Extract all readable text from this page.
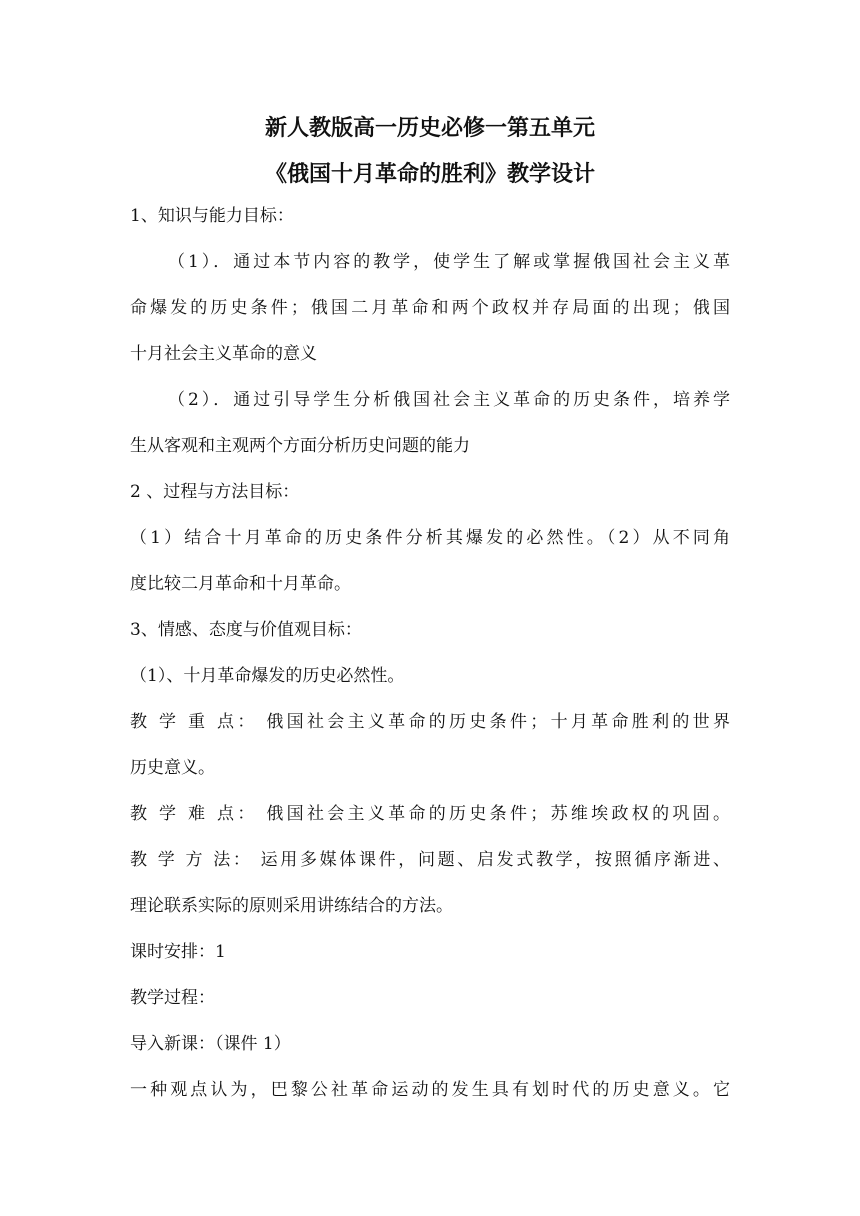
新人教版高一历史必修一第五单元
《俄国十月革命的胜利》教学设计
1、知识与能力目标：
（1）．通过本节内容的教学，使学生了解或掌握俄国社会主义革
命爆发的历史条件；俄国二月革命和两个政权并存局面的出现；俄国
十月社会主义革命的意义
（2）．通过引导学生分析俄国社会主义革命的历史条件，培养学
生从客观和主观两个方面分析历史问题的能力
2 、过程与方法目标：
（1）结合十月革命的历史条件分析其爆发的必然性。（2）从不同角
度比较二月革命和十月革命。
3、情感、态度与价值观目标：
（1）、十月革命爆发的历史必然性。
教 学 重 点： 俄国社会主义革命的历史条件；十月革命胜利的世界
历史意义。
教 学 难 点： 俄国社会主义革命的历史条件；苏维埃政权的巩固。
教 学 方 法： 运用多媒体课件，问题、启发式教学，按照循序渐进、
理论联系实际的原则采用讲练结合的方法。
课时安排：1
教学过程：
导入新课：（课件 1）
一种观点认为，巴黎公社革命运动的发生具有划时代的历史意义。它
